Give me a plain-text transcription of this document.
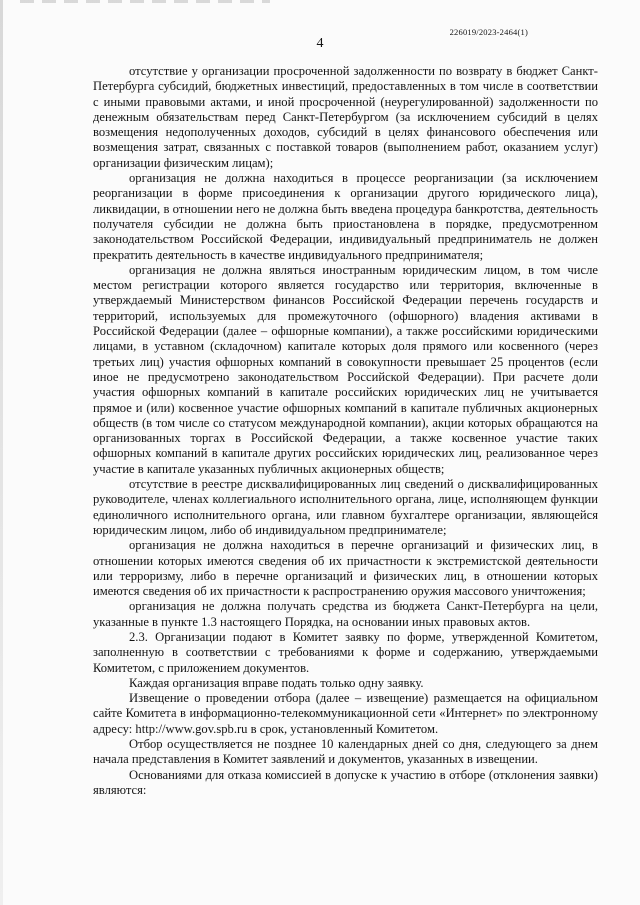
226019/2023-2464(1)
4

отсутствие у организации просроченной задолженности по возврату в бюджет Санкт-Петербурга субсидий, бюджетных инвестиций, предоставленных в том числе в соответствии с иными правовыми актами, и иной просроченной (неурегулированной) задолженности по денежным обязательствам перед Санкт-Петербургом (за исключением субсидий в целях возмещения недополученных доходов, субсидий в целях финансового обеспечения или возмещения затрат, связанных с поставкой товаров (выполнением работ, оказанием услуг) организации физическим лицам);

организация не должна находиться в процессе реорганизации (за исключением реорганизации в форме присоединения к организации другого юридического лица), ликвидации, в отношении него не должна быть введена процедура банкротства, деятельность получателя субсидии не должна быть приостановлена в порядке, предусмотренном законодательством Российской Федерации, индивидуальный предприниматель не должен прекратить деятельность в качестве индивидуального предпринимателя;

организация не должна являться иностранным юридическим лицом, в том числе местом регистрации которого является государство или территория, включенные в утверждаемый Министерством финансов Российской Федерации перечень государств и территорий, используемых для промежуточного (офшорного) владения активами в Российской Федерации (далее – офшорные компании), а также российскими юридическими лицами, в уставном (складочном) капитале которых доля прямого или косвенного (через третьих лиц) участия офшорных компаний в совокупности превышает 25 процентов (если иное не предусмотрено законодательством Российской Федерации). При расчете доли участия офшорных компаний в капитале российских юридических лиц не учитывается прямое и (или) косвенное участие офшорных компаний в капитале публичных акционерных обществ (в том числе со статусом международной компании), акции которых обращаются на организованных торгах в Российской Федерации, а также косвенное участие таких офшорных компаний в капитале других российских юридических лиц, реализованное через участие в капитале указанных публичных акционерных обществ;

отсутствие в реестре дисквалифицированных лиц сведений о дисквалифицированных руководителе, членах коллегиального исполнительного органа, лице, исполняющем функции единоличного исполнительного органа, или главном бухгалтере организации, являющейся юридическим лицом, либо об индивидуальном предпринимателе;

организация не должна находиться в перечне организаций и физических лиц, в отношении которых имеются сведения об их причастности к экстремистской деятельности или терроризму, либо в перечне организаций и физических лиц, в отношении которых имеются сведения об их причастности к распространению оружия массового уничтожения;

организация не должна получать средства из бюджета Санкт-Петербурга на цели, указанные в пункте 1.3 настоящего Порядка, на основании иных правовых актов.

2.3. Организации подают в Комитет заявку по форме, утвержденной Комитетом, заполненную в соответствии с требованиями к форме и содержанию, утверждаемыми Комитетом, с приложением документов.

Каждая организация вправе подать только одну заявку.

Извещение о проведении отбора (далее – извещение) размещается на официальном сайте Комитета в информационно-телекоммуникационной сети «Интернет» по электронному адресу: http://www.gov.spb.ru в срок, установленный Комитетом.

Отбор осуществляется не позднее 10 календарных дней со дня, следующего за днем начала представления в Комитет заявлений и документов, указанных в извещении.

Основаниями для отказа комиссией в допуске к участию в отборе (отклонения заявки) являются:
